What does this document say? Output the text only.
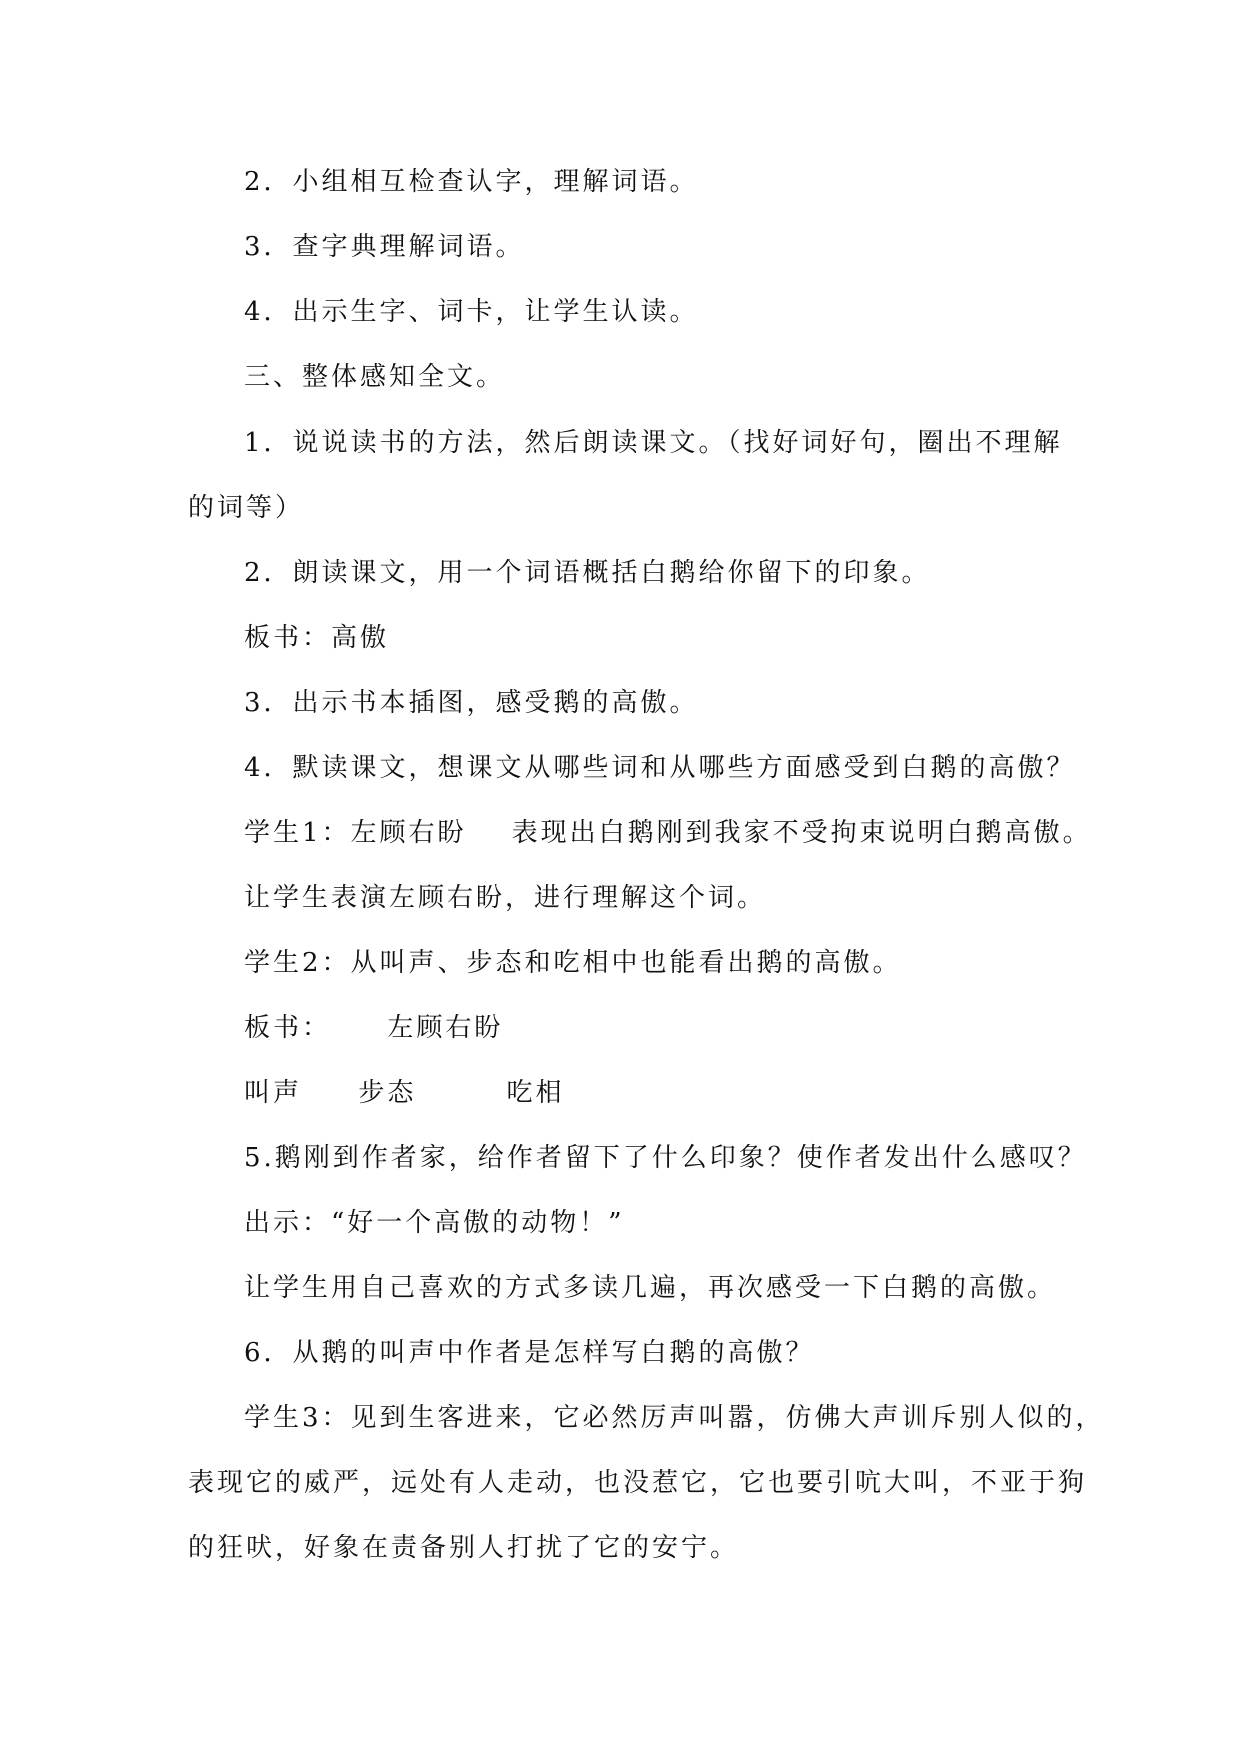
2．小组相互检查认字，理解词语。
3．查字典理解词语。
4．出示生字、词卡，让学生认读。
三、整体感知全文。
1．说说读书的方法，然后朗读课文。（找好词好句，圈出不理解
的词等）
2．朗读课文，用一个词语概括白鹅给你留下的印象。
板书：高傲
3．出示书本插图，感受鹅的高傲。
4．默读课文，想课文从哪些词和从哪些方面感受到白鹅的高傲？
学生1：左顾右盼    表现出白鹅刚到我家不受拘束说明白鹅高傲。
让学生表演左顾右盼，进行理解这个词。
学生2：从叫声、步态和吃相中也能看出鹅的高傲。
板书：     左顾右盼
叫声     步态        吃相
5.鹅刚到作者家，给作者留下了什么印象？使作者发出什么感叹？
出示：“好一个高傲的动物！”
让学生用自己喜欢的方式多读几遍，再次感受一下白鹅的高傲。
6．从鹅的叫声中作者是怎样写白鹅的高傲？
学生3：见到生客进来，它必然厉声叫嚣，仿佛大声训斥别人似的，
表现它的威严，远处有人走动，也没惹它，它也要引吭大叫，不亚于狗
的狂吠，好象在责备别人打扰了它的安宁。
